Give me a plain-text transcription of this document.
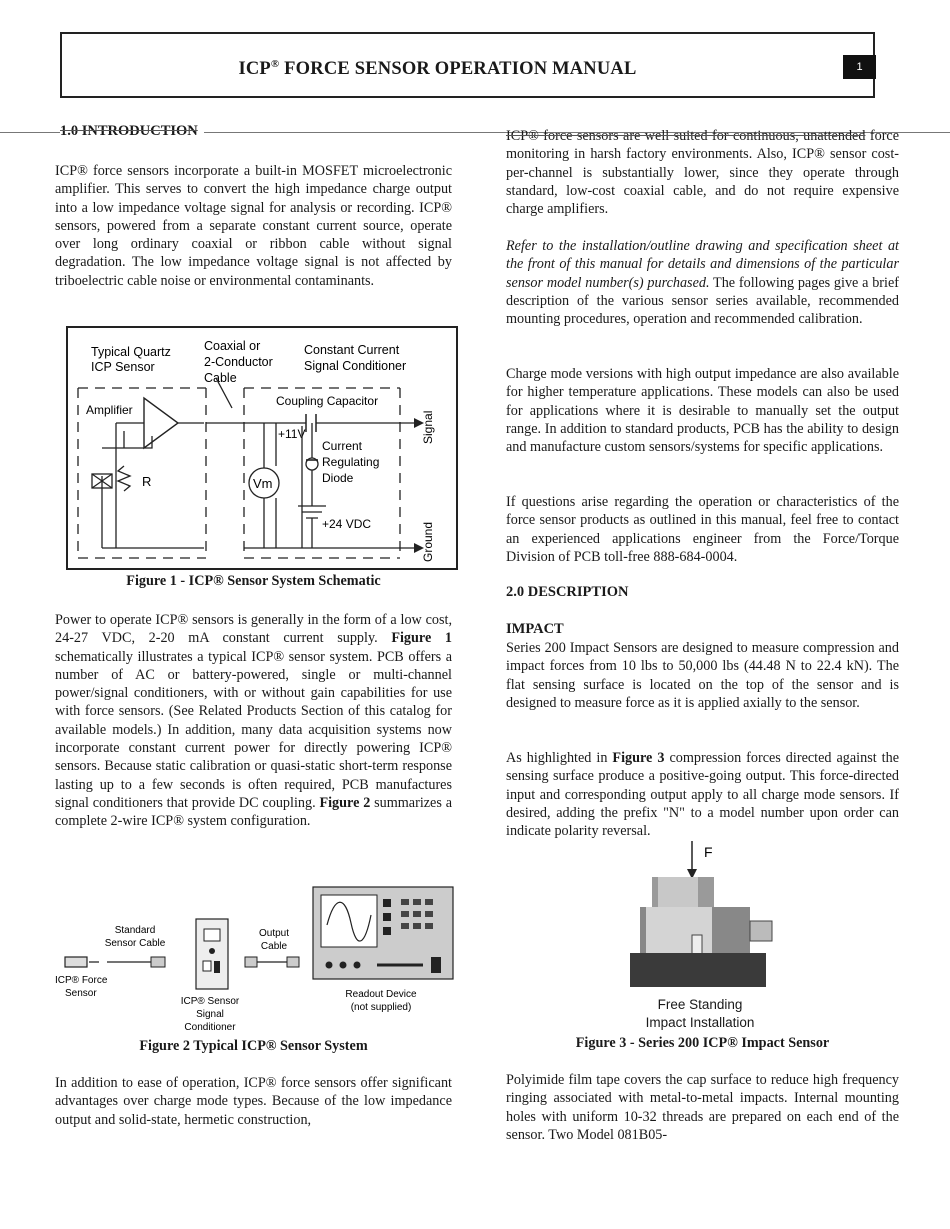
ICP® FORCE SENSOR OPERATION MANUAL	1
1.0 INTRODUCTION

ICP® force sensors incorporate a built-in MOSFET microelectronic amplifier. This serves to convert the high impedance charge output into a low impedance voltage signal for analysis or recording. ICP® sensors, powered from a separate constant current source, operate over long ordinary coaxial or ribbon cable without signal degradation. The low impedance voltage signal is not affected by triboelectric cable noise or environmental contaminants.

Typical Quartz
ICP Sensor
Coaxial or
2-Conductor
Cable
Constant Current
Signal Conditioner
Amplifier
R
Coupling Capacitor
+11V
Vm
Current
Regulating
Diode
+24 VDC
Signal
Ground
Figure 1 - ICP® Sensor System Schematic

Power to operate ICP® sensors is generally in the form of a low cost, 24-27 VDC, 2-20 mA constant current supply. Figure 1 schematically illustrates a typical ICP® sensor system. PCB offers a number of AC or battery-powered, single or multi-channel power/signal conditioners, with or without gain capabilities for use with force sensors. (See Related Products Section of this catalog for available models.) In addition, many data acquisition systems now incorporate constant current power for directly powering ICP® sensors. Because static calibration or quasi-static short-term response lasting up to a few seconds is often required, PCB manufactures signal conditioners that provide DC coupling. Figure 2 summarizes a complete 2-wire ICP® system configuration.

Standard
Sensor Cable
ICP® Force
Sensor
ICP® Sensor
Signal
Conditioner
Output
Cable
Readout Device
(not supplied)
Figure 2 Typical ICP® Sensor System

In addition to ease of operation, ICP® force sensors offer significant advantages over charge mode types. Because of the low impedance output and solid-state, hermetic construction,

ICP® force sensors are well suited for continuous, unattended force monitoring in harsh factory environments. Also, ICP® sensor cost-per-channel is substantially lower, since they operate through standard, low-cost coaxial cable, and do not require expensive charge amplifiers.

Refer to the installation/outline drawing and specification sheet at the front of this manual for details and dimensions of the particular sensor model number(s) purchased. The following pages give a brief description of the various sensor series available, recommended mounting procedures, operation and recommended calibration.

Charge mode versions with high output impedance are also available for higher temperature applications. These models can also be used for applications where it is desirable to manually set the output range. In addition to standard products, PCB has the ability to design and manufacture custom sensors/systems for specific applications.

If questions arise regarding the operation or characteristics of the force sensor products as outlined in this manual, feel free to contact an experienced applications engineer from the Force/Torque Division of PCB toll-free 888-684-0004.

2.0 DESCRIPTION
IMPACT

Series 200 Impact Sensors are designed to measure compression and impact forces from 10 lbs to 50,000 lbs (44.48 N to 22.4 kN). The flat sensing surface is located on the top of the sensor and is designed to measure force as it is applied axially to the sensor.

As highlighted in Figure 3 compression forces directed against the sensing surface produce a positive-going output. This force-directed input and corresponding output apply to all charge mode sensors. If desired, adding the prefix "N" to a model number upon order can indicate polarity reversal.

F
Free Standing
Impact Installation
Figure 3 - Series 200 ICP® Impact Sensor

Polyimide film tape covers the cap surface to reduce high frequency ringing associated with metal-to-metal impacts. Internal mounting holes with uniform 10-32 threads are prepared on each end of the sensor. Two Model 081B05-
